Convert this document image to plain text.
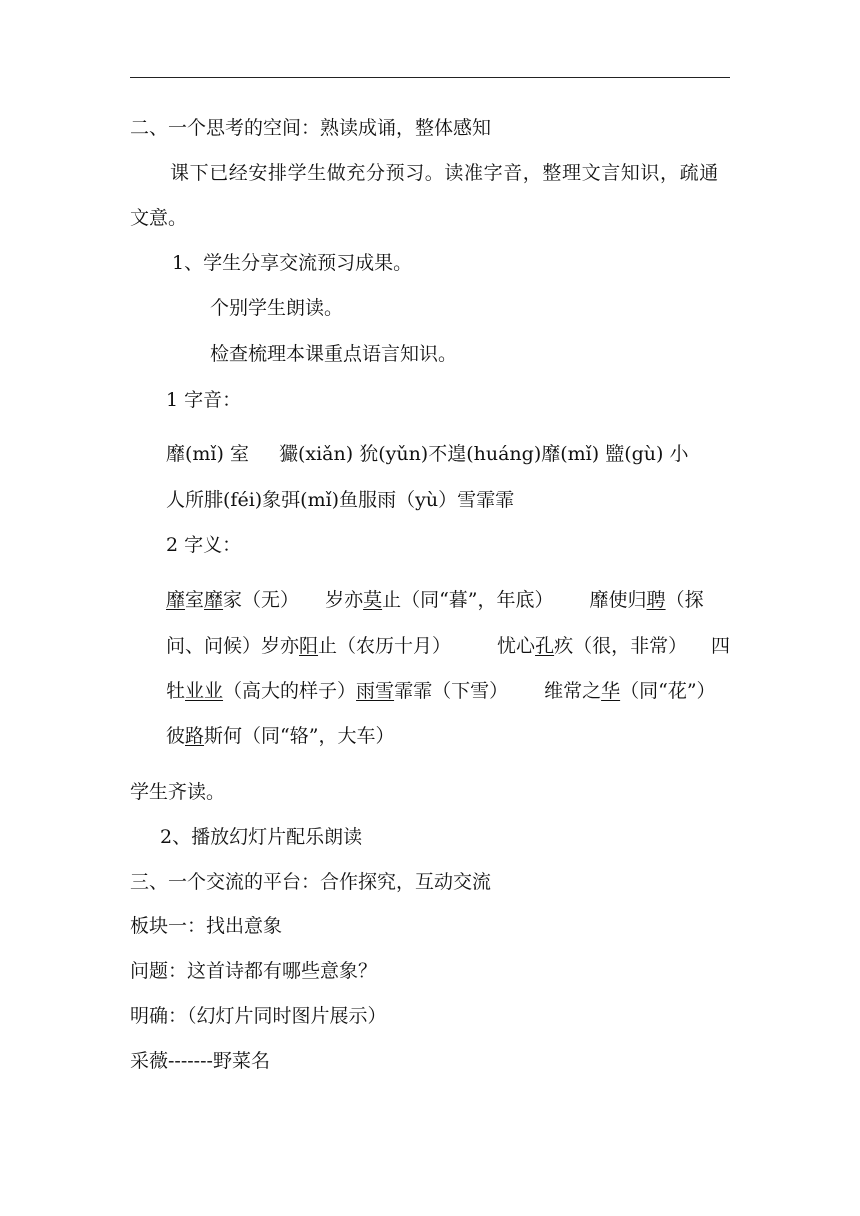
二、一个思考的空间：熟读成诵，整体感知
课下已经安排学生做充分预习。读准字音，整理文言知识，疏通
文意。
1、学生分享交流预习成果。
个别学生朗读。
检查梳理本课重点语言知识。
1 字音：
靡(mǐ) 室 玁(xiǎn) 狁(yǔn)不遑(huáng)靡(mǐ) 盬(gù) 小
人所腓(féi)象弭(mǐ)鱼服雨（yù）雪霏霏
2 字义：
靡室靡家（无） 岁亦莫止（同“暮”，年底） 靡使归聘（探
问、问候）岁亦阳止（农历十月） 忧心孔疚（很，非常） 四
牡业业（高大的样子）雨雪霏霏（下雪） 维常之华（同“花”）
彼路斯何（同“辂”，大车）
学生齐读。
2、播放幻灯片配乐朗读
三、一个交流的平台：合作探究，互动交流
板块一：找出意象
问题：这首诗都有哪些意象？
明确：（幻灯片同时图片展示）
采薇-------野菜名
